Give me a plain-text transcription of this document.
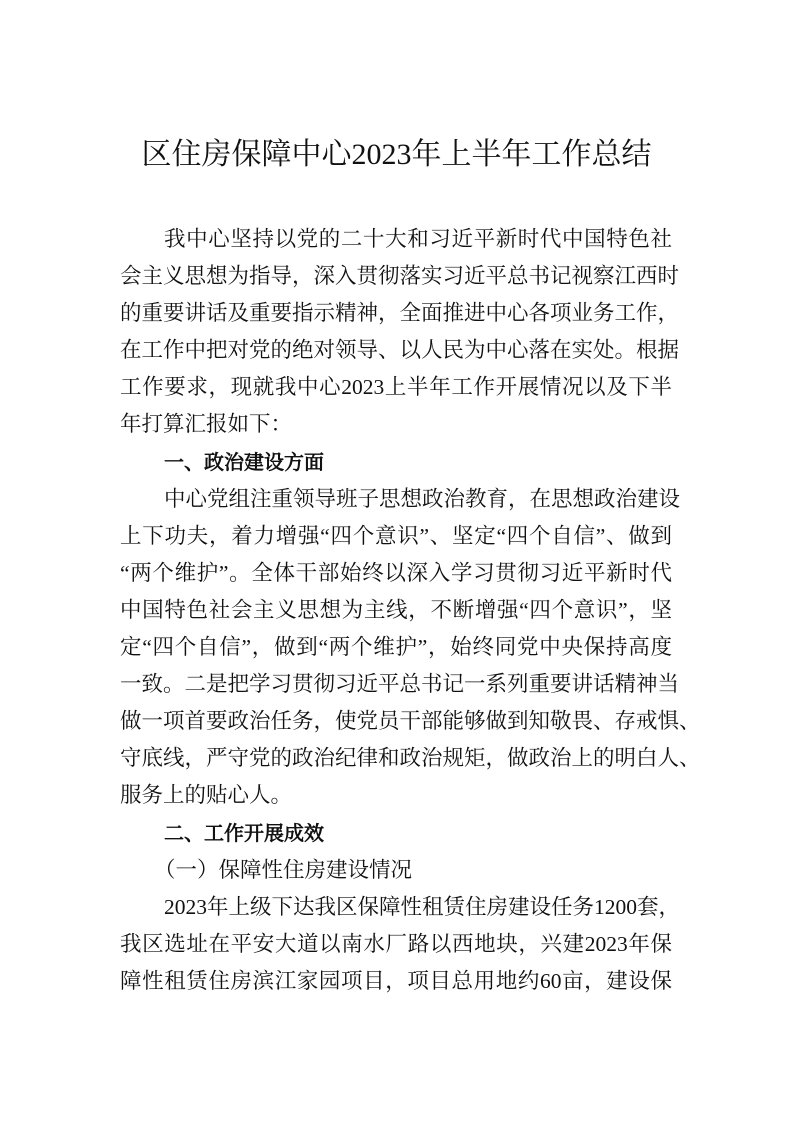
区住房保障中心2023年上半年工作总结
我中心坚持以党的二十大和习近平新时代中国特色社
会主义思想为指导，深入贯彻落实习近平总书记视察江西时
的重要讲话及重要指示精神，全面推进中心各项业务工作，
在工作中把对党的绝对领导、以人民为中心落在实处。根据
工作要求，现就我中心2023上半年工作开展情况以及下半
年打算汇报如下：
一、政治建设方面
中心党组注重领导班子思想政治教育，在思想政治建设
上下功夫，着力增强“四个意识”、坚定“四个自信”、做到
“两个维护”。全体干部始终以深入学习贯彻习近平新时代
中国特色社会主义思想为主线，不断增强“四个意识”，坚
定“四个自信”，做到“两个维护”，始终同党中央保持高度
一致。二是把学习贯彻习近平总书记一系列重要讲话精神当
做一项首要政治任务，使党员干部能够做到知敬畏、存戒惧、
守底线，严守党的政治纪律和政治规矩，做政治上的明白人、
服务上的贴心人。
二、工作开展成效
（一）保障性住房建设情况
2023年上级下达我区保障性租赁住房建设任务1200套，
我区选址在平安大道以南水厂路以西地块，兴建2023年保
障性租赁住房滨江家园项目，项目总用地约60亩，建设保
